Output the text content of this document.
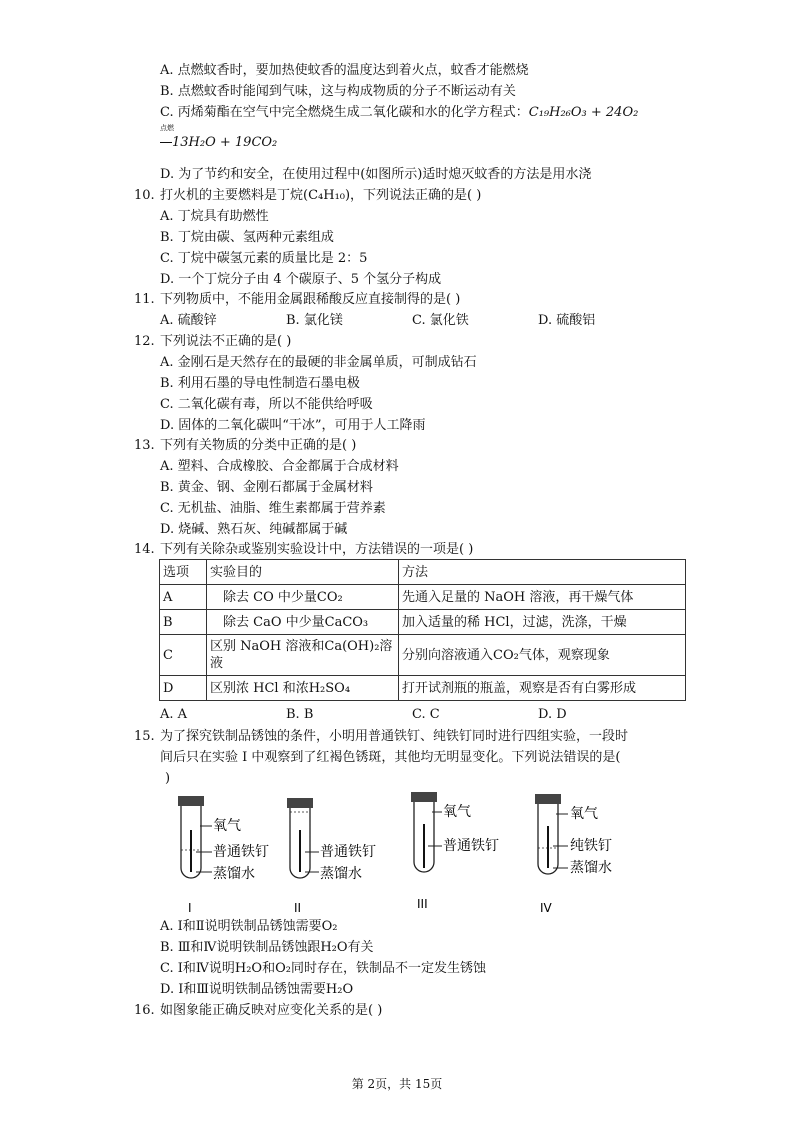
A. 点燃蚊香时，要加热使蚊香的温度达到着火点，蚊香才能燃烧
B. 点燃蚊香时能闻到气味，这与构成物质的分子不断运动有关
C. 丙烯菊酯在空气中完全燃烧生成二氧化碳和水的化学方程式：C₁₉H₂₆O₃ + 24O₂
点燃
13H₂O + 19CO₂
D. 为了节约和安全，在使用过程中(如图所示)适时熄灭蚊香的方法是用水浇
10. 打火机的主要燃料是丁烷(C₄H₁₀)，下列说法正确的是( )
A. 丁烷具有助燃性
B. 丁烷由碳、氢两种元素组成
C. 丁烷中碳氢元素的质量比是 2：5
D. 一个丁烷分子由 4 个碳原子、5 个氢分子构成
11. 下列物质中，不能用金属跟稀酸反应直接制得的是( )
A. 硫酸锌	B. 氯化镁	C. 氯化铁	D. 硫酸铝
12. 下列说法不正确的是( )
A. 金刚石是天然存在的最硬的非金属单质，可制成钻石
B. 利用石墨的导电性制造石墨电极
C. 二氧化碳有毒，所以不能供给呼吸
D. 固体的二氧化碳叫“干冰”，可用于人工降雨
13. 下列有关物质的分类中正确的是( )
A. 塑料、合成橡胶、合金都属于合成材料
B. 黄金、钢、金刚石都属于金属材料
C. 无机盐、油脂、维生素都属于营养素
D. 烧碱、熟石灰、纯碱都属于碱
14. 下列有关除杂或鉴别实验设计中，方法错误的一项是( )
选项	实验目的	方法
A	　除去 CO 中少量CO₂	先通入足量的 NaOH 溶液，再干燥气体
B	　除去 CaO 中少量CaCO₃	加入适量的稀 HCl，过滤，洗涤，干燥
C	区别 NaOH 溶液和Ca(OH)₂溶液	分别向溶液通入CO₂气体，观察现象
D	区别浓 HCl 和浓H₂SO₄	打开试剂瓶的瓶盖，观察是否有白雾形成
A. A	B. B	C. C	D. D
15. 为了探究铁制品锈蚀的条件，小明用普通铁钉、纯铁钉同时进行四组实验，一段时
间后只在实验 I 中观察到了红褐色锈斑，其他均无明显变化。下列说法错误的是(
)
氧气
普通铁钉
蒸馏水
I
普通铁钉
蒸馏水
II
氧气
普通铁钉
III
氧气
纯铁钉
蒸馏水
IV
A. Ⅰ和Ⅱ说明铁制品锈蚀需要O₂
B. Ⅲ和Ⅳ说明铁制品锈蚀跟H₂O有关
C. Ⅰ和Ⅳ说明H₂O和O₂同时存在，铁制品不一定发生锈蚀
D. Ⅰ和Ⅲ说明铁制品锈蚀需要H₂O
16. 如图象能正确反映对应变化关系的是( )
第 2页，共 15页
